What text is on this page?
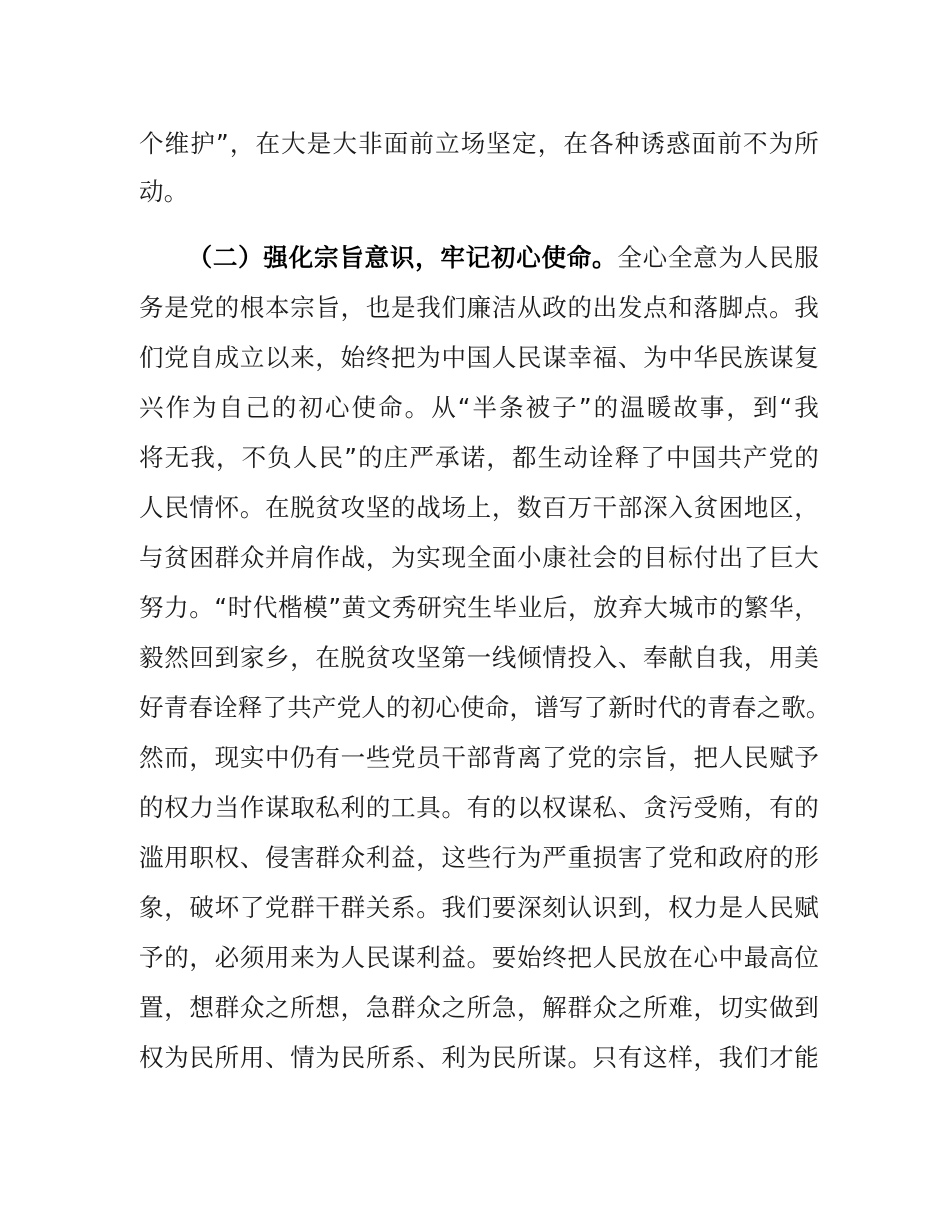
个维护”，在大是大非面前立场坚定，在各种诱惑面前不为所
动。
（二）强化宗旨意识，牢记初心使命。全心全意为人民服
务是党的根本宗旨，也是我们廉洁从政的出发点和落脚点。我
们党自成立以来，始终把为中国人民谋幸福、为中华民族谋复
兴作为自己的初心使命。从“半条被子”的温暖故事，到“我
将无我，不负人民”的庄严承诺，都生动诠释了中国共产党的
人民情怀。在脱贫攻坚的战场上，数百万干部深入贫困地区，
与贫困群众并肩作战，为实现全面小康社会的目标付出了巨大
努力。“时代楷模”黄文秀研究生毕业后，放弃大城市的繁华，
毅然回到家乡，在脱贫攻坚第一线倾情投入、奉献自我，用美
好青春诠释了共产党人的初心使命，谱写了新时代的青春之歌。
然而，现实中仍有一些党员干部背离了党的宗旨，把人民赋予
的权力当作谋取私利的工具。有的以权谋私、贪污受贿，有的
滥用职权、侵害群众利益，这些行为严重损害了党和政府的形
象，破坏了党群干群关系。我们要深刻认识到，权力是人民赋
予的，必须用来为人民谋利益。要始终把人民放在心中最高位
置，想群众之所想，急群众之所急，解群众之所难，切实做到
权为民所用、情为民所系、利为民所谋。只有这样，我们才能
